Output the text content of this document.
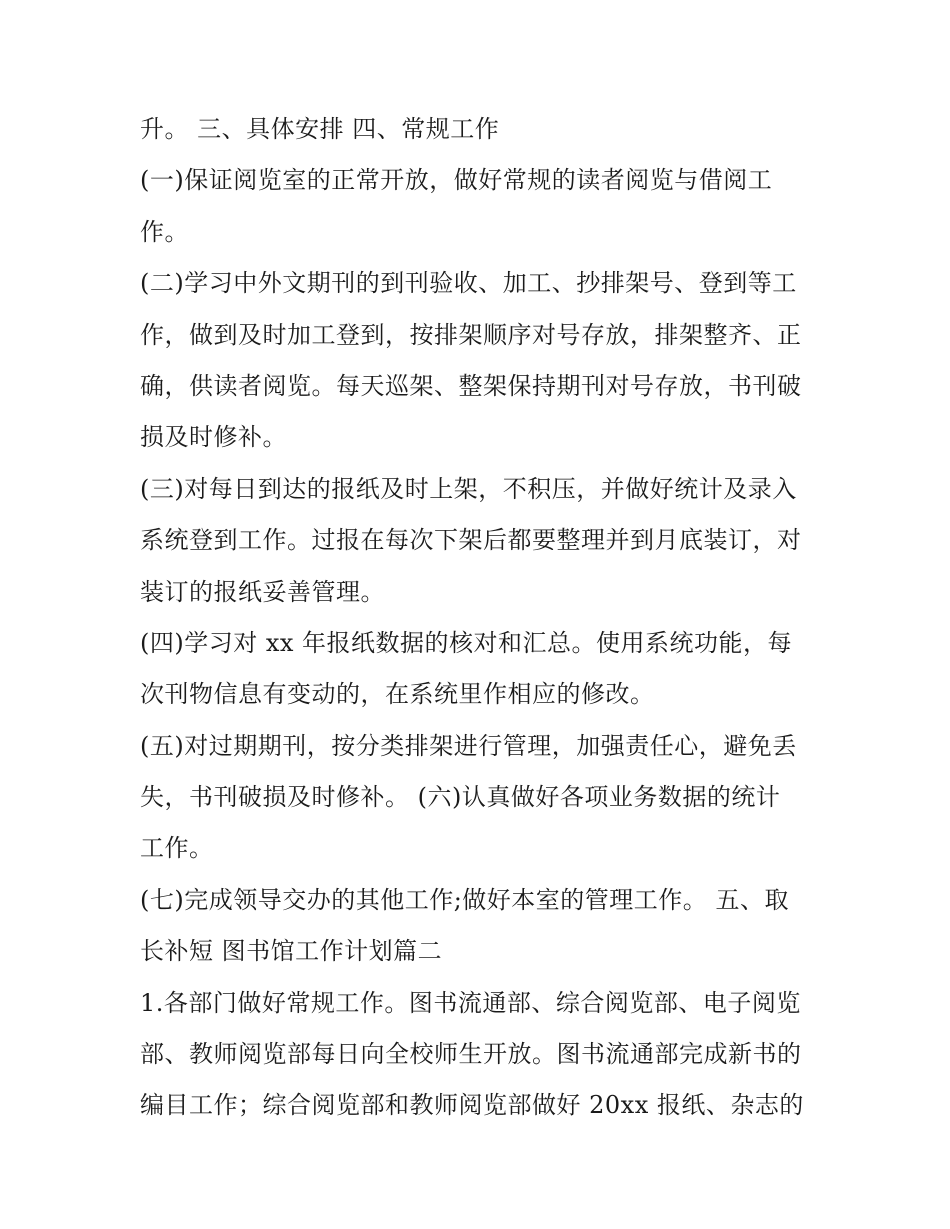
升。 三、具体安排 四、常规工作
(一)保证阅览室的正常开放，做好常规的读者阅览与借阅工
作。
(二)学习中外文期刊的到刊验收、加工、抄排架号、登到等工
作，做到及时加工登到，按排架顺序对号存放，排架整齐、正
确，供读者阅览。每天巡架、整架保持期刊对号存放，书刊破
损及时修补。
(三)对每日到达的报纸及时上架，不积压，并做好统计及录入
系统登到工作。过报在每次下架后都要整理并到月底装订，对
装订的报纸妥善管理。
(四)学习对 xx 年报纸数据的核对和汇总。使用系统功能，每
次刊物信息有变动的，在系统里作相应的修改。
(五)对过期期刊，按分类排架进行管理，加强责任心，避免丢
失，书刊破损及时修补。 (六)认真做好各项业务数据的统计
工作。
(七)完成领导交办的其他工作;做好本室的管理工作。 五、取
长补短 图书馆工作计划篇二
1.各部门做好常规工作。图书流通部、综合阅览部、电子阅览
部、教师阅览部每日向全校师生开放。图书流通部完成新书的
编目工作；综合阅览部和教师阅览部做好 20xx 报纸、杂志的
